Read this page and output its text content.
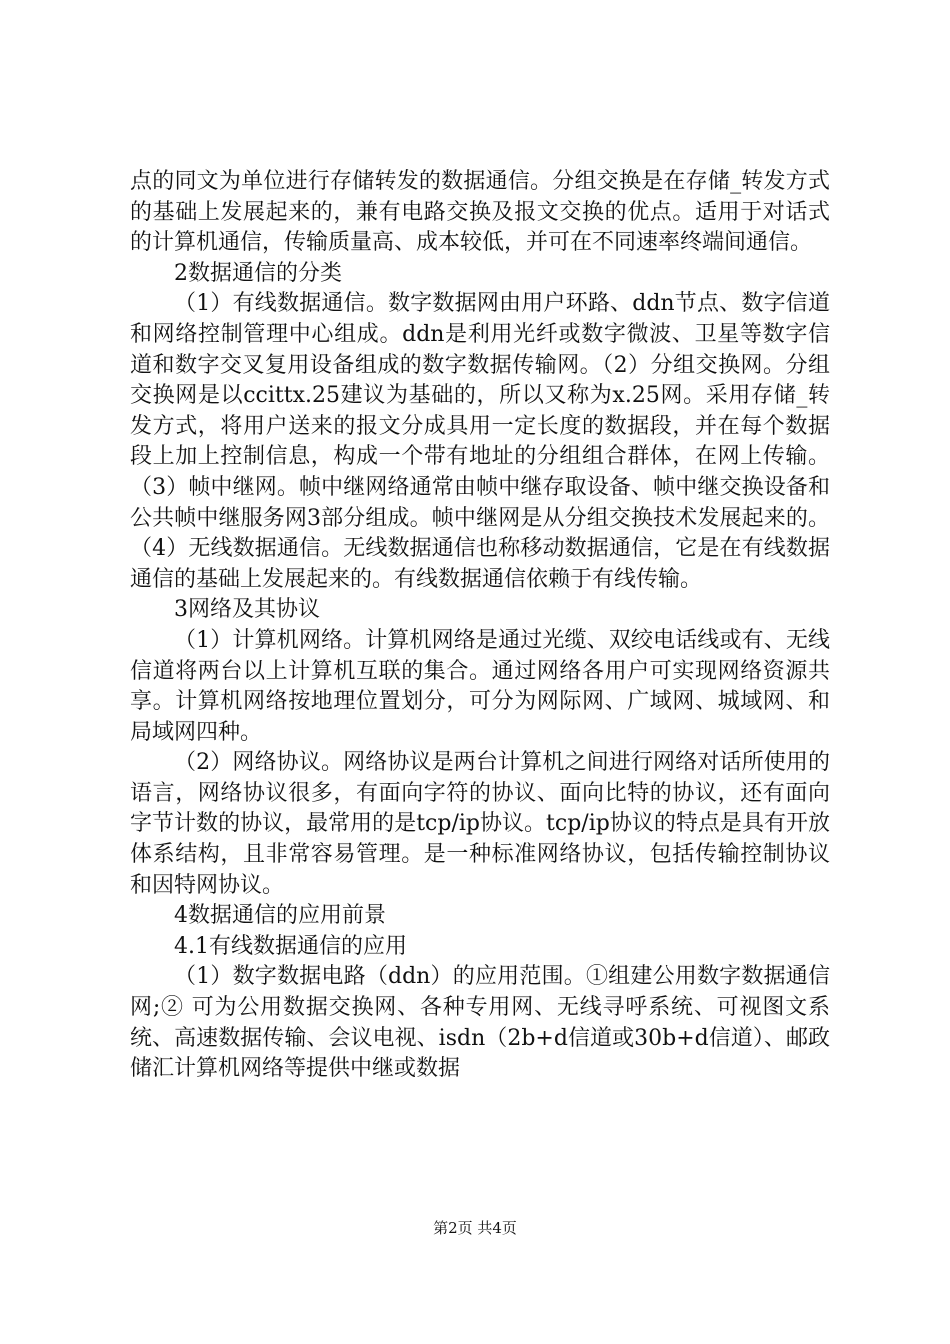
点的同文为单位进行存储转发的数据通信。分组交换是在存储_转发方式的基础上发展起来的，兼有电路交换及报文交换的优点。适用于对话式的计算机通信，传输质量高、成本较低，并可在不同速率终端间通信。

2数据通信的分类

（1）有线数据通信。数字数据网由用户环路、ddn节点、数字信道和网络控制管理中心组成。ddn是利用光纤或数字微波、卫星等数字信道和数字交叉复用设备组成的数字数据传输网。（2）分组交换网。分组交换网是以ccittx.25建议为基础的，所以又称为x.25网。采用存储_转发方式，将用户送来的报文分成具用一定长度的数据段，并在每个数据段上加上控制信息，构成一个带有地址的分组组合群体，在网上传输。（3）帧中继网。帧中继网络通常由帧中继存取设备、帧中继交换设备和公共帧中继服务网3部分组成。帧中继网是从分组交换技术发展起来的。（4）无线数据通信。无线数据通信也称移动数据通信，它是在有线数据通信的基础上发展起来的。有线数据通信依赖于有线传输。

3网络及其协议

（1）计算机网络。计算机网络是通过光缆、双绞电话线或有、无线信道将两台以上计算机互联的集合。通过网络各用户可实现网络资源共享。计算机网络按地理位置划分，可分为网际网、广域网、城域网、和局域网四种。

（2）网络协议。网络协议是两台计算机之间进行网络对话所使用的语言，网络协议很多，有面向字符的协议、面向比特的协议，还有面向字节计数的协议，最常用的是tcp/ip协议。tcp/ip协议的特点是具有开放体系结构，且非常容易管理。是一种标准网络协议，包括传输控制协议和因特网协议。

4数据通信的应用前景

4.1有线数据通信的应用

（1）数字数据电路（ddn）的应用范围。①组建公用数字数据通信网;② 可为公用数据交换网、各种专用网、无线寻呼系统、可视图文系统、高速数据传输、会议电视、isdn（2b+d信道或30b+d信道）、邮政储汇计算机网络等提供中继或数据

第2页 共4页
